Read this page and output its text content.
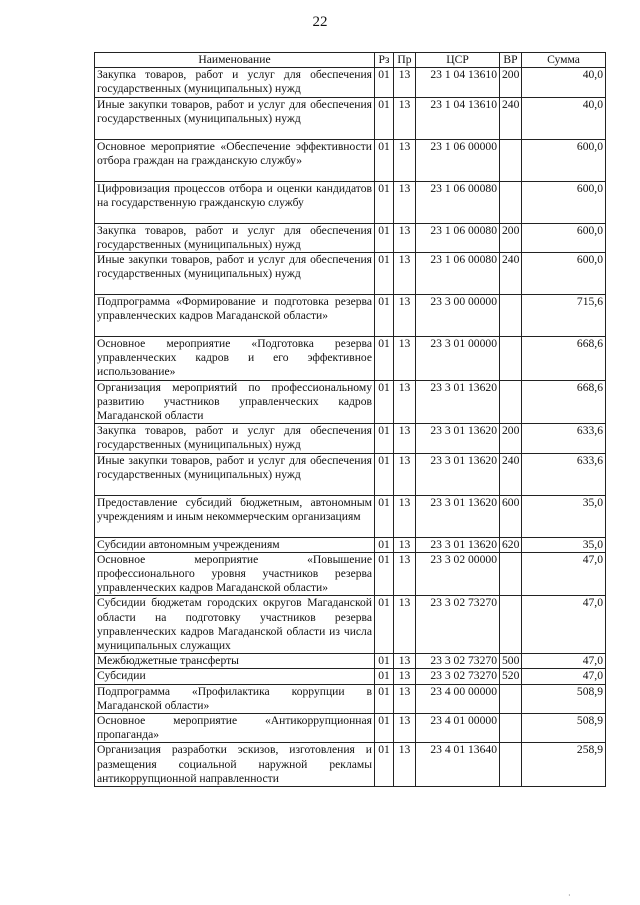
22
Наименование	Рз	Пр	ЦСР	ВР	Сумма
Закупка товаров, работ и услуг для обеспечения государственных (муниципальных) нужд	01	13	23 1 04 13610	200	40,0
Иные закупки товаров, работ и услуг для обеспечения государственных (муниципальных) нужд	01	13	23 1 04 13610	240	40,0
Основное мероприятие «Обеспечение эффективности отбора граждан на гражданскую службу»	01	13	23 1 06 00000		600,0
Цифровизация процессов отбора и оценки кандидатов на государственную гражданскую службу	01	13	23 1 06 00080		600,0
Закупка товаров, работ и услуг для обеспечения государственных (муниципальных) нужд	01	13	23 1 06 00080	200	600,0
Иные закупки товаров, работ и услуг для обеспечения государственных (муниципальных) нужд	01	13	23 1 06 00080	240	600,0
Подпрограмма «Формирование и подготовка резерва управленческих кадров Магаданской области»	01	13	23 3 00 00000		715,6
Основное мероприятие «Подготовка резерва управленческих кадров и его эффективное использование»	01	13	23 3 01 00000		668,6
Организация мероприятий по профессиональному развитию участников управленческих кадров Магаданской области	01	13	23 3 01 13620		668,6
Закупка товаров, работ и услуг для обеспечения государственных (муниципальных) нужд	01	13	23 3 01 13620	200	633,6
Иные закупки товаров, работ и услуг для обеспечения государственных (муниципальных) нужд	01	13	23 3 01 13620	240	633,6
Предоставление субсидий бюджетным, автономным учреждениям и иным некоммерческим организациям	01	13	23 3 01 13620	600	35,0
Субсидии автономным учреждениям	01	13	23 3 01 13620	620	35,0
Основное мероприятие «Повышение профессионального уровня участников резерва управленческих кадров Магаданской области»	01	13	23 3 02 00000		47,0
Субсидии бюджетам городских округов Магаданской области на подготовку участников резерва управленческих кадров Магаданской области из числа муниципальных служащих	01	13	23 3 02 73270		47,0
Межбюджетные трансферты	01	13	23 3 02 73270	500	47,0
Субсидии	01	13	23 3 02 73270	520	47,0
Подпрограмма «Профилактика коррупции в Магаданской области»	01	13	23 4 00 00000		508,9
Основное мероприятие «Антикоррупционная пропаганда»	01	13	23 4 01 00000		508,9
Организация разработки эскизов, изготовления и размещения социальной наружной рекламы антикоррупционной направленности	01	13	23 4 01 13640		258,9
·
